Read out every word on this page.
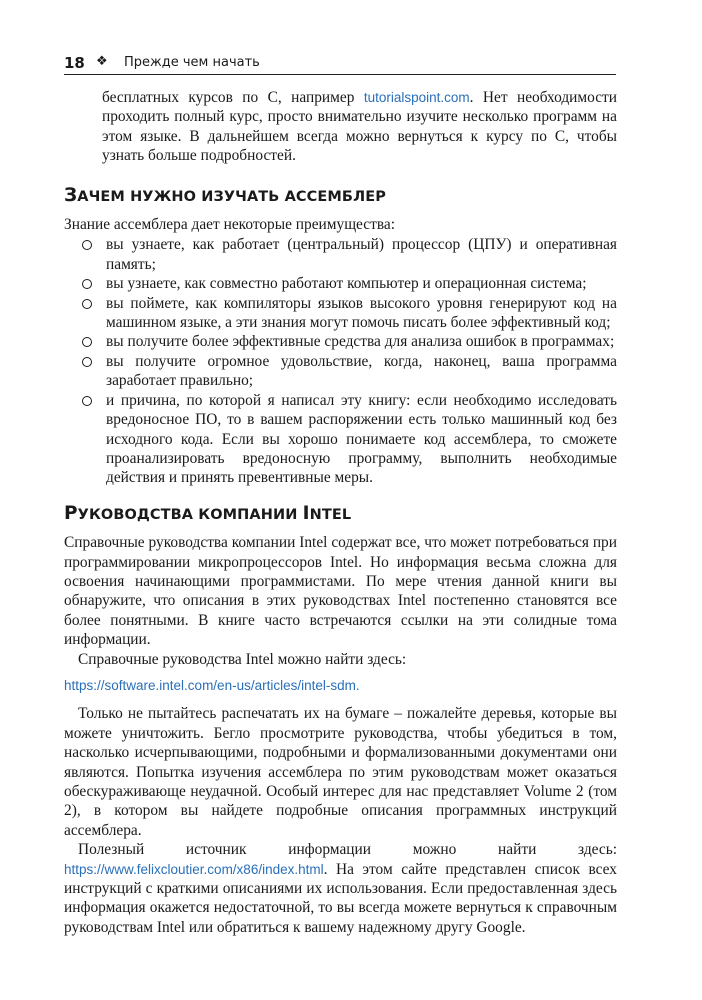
18 ❖ Прежде чем начать

бесплатных курсов по C, например tutorialspoint.com. Нет необходимости проходить полный курс, просто внимательно изучите несколько программ на этом языке. В дальнейшем всегда можно вернуться к курсу по C, чтобы узнать больше подробностей.

ЗАЧЕМ НУЖНО ИЗУЧАТЬ АССЕМБЛЕР

Знание ассемблера дает некоторые преимущества:

вы узнаете, как работает (центральный) процессор (ЦПУ) и оперативная память;
вы узнаете, как совместно работают компьютер и операционная система;
вы поймете, как компиляторы языков высокого уровня генерируют код на машинном языке, а эти знания могут помочь писать более эффективный код;
вы получите более эффективные средства для анализа ошибок в программах;
вы получите огромное удовольствие, когда, наконец, ваша программа заработает правильно;
и причина, по которой я написал эту книгу: если необходимо исследовать вредоносное ПО, то в вашем распоряжении есть только машинный код без исходного кода. Если вы хорошо понимаете код ассемблера, то сможете проанализировать вредоносную программу, выполнить необходимые действия и принять превентивные меры.
РУКОВОДСТВА КОМПАНИИ INTEL

Справочные руководства компании Intel содержат все, что может потребоваться при программировании микропроцессоров Intel. Но информация весьма сложна для освоения начинающими программистами. По мере чтения данной книги вы обнаружите, что описания в этих руководствах Intel постепенно становятся все более понятными. В книге часто встречаются ссылки на эти солидные тома информации.

Справочные руководства Intel можно найти здесь:

https://software.intel.com/en-us/articles/intel-sdm.

Только не пытайтесь распечатать их на бумаге – пожалейте деревья, которые вы можете уничтожить. Бегло просмотрите руководства, чтобы убедиться в том, насколько исчерпывающими, подробными и формализованными документами они являются. Попытка изучения ассемблера по этим руководствам может оказаться обескураживающе неудачной. Особый интерес для нас представляет Volume 2 (том 2), в котором вы найдете подробные описания программных инструкций ассемблера.

Полезный источник информации можно найти здесь: https://www.felixcloutier.com/x86/index.html. На этом сайте представлен список всех инструкций с краткими описаниями их использования. Если предоставленная здесь информация окажется недостаточной, то вы всегда можете вернуться к справочным руководствам Intel или обратиться к вашему надежному другу Google.
